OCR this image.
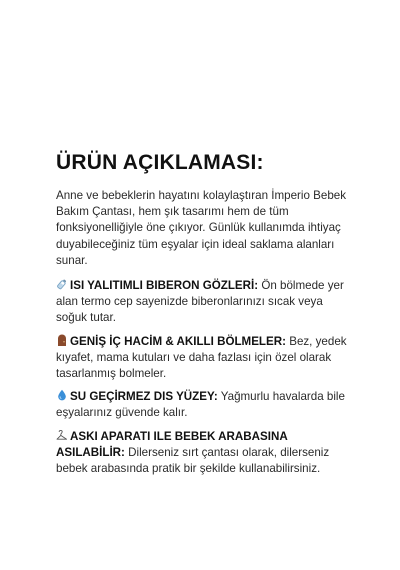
ÜRÜN AÇIKLAMASI:

Anne ve bebeklerin hayatını kolaylaştıran İmperio Bebek Bakım Çantası, hem şık tasarımı hem de tüm fonksiyonelliğiyle öne çıkıyor. Günlük kullanımda ihtiyaç duyabileceğiniz tüm eşyalar için ideal saklama alanları sunar.

ISI YALITIMLI BIBERON GÖZLERİ: Ön bölmede yer alan termo cep sayenizde biberonlarınızı sıcak veya soğuk tutar.

GENİŞ İÇ HACİM & AKILLI BÖLMELER: Bez, yedek kıyafet, mama kutuları ve daha fazlası için özel olarak tasarlanmış bolmeler.

SU GEÇİRMEZ DIS YÜZEY: Yağmurlu havalarda bile eşyalarınız güvende kalır.

ASKI APARATI ILE BEBEK ARABASINA ASILABİLİR: Dilerseniz sırt çantası olarak, dilerseniz bebek arabasında pratik bir şekilde kullanabilirsiniz.
